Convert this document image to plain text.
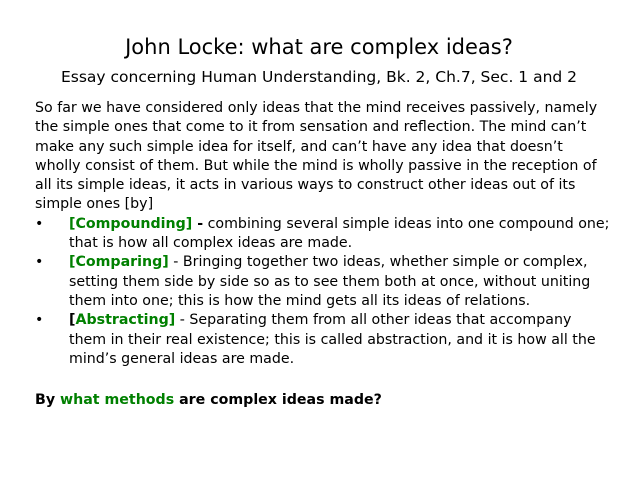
John Locke: what are complex ideas?
Essay concerning Human Understanding, Bk. 2, Ch.7, Sec. 1 and 2

So far we have considered only ideas that the mind receives passively, namely the simple ones that come to it from sensation and reflection. The mind can’t make any such simple idea for itself, and can’t have any idea that doesn’t wholly consist of them. But while the mind is wholly passive in the reception of all its simple ideas, it acts in various ways to construct other ideas out of its simple ones [by]

• [Compounding] - combining several simple ideas into one compound one; that is how all complex ideas are made.
• [Comparing] - Bringing together two ideas, whether simple or complex, setting them side by side so as to see them both at once, without uniting them into one; this is how the mind gets all its ideas of relations.
• [Abstracting] - Separating them from all other ideas that accompany them in their real existence; this is called abstraction, and it is how all the mind’s general ideas are made.

By what methods are complex ideas made?
